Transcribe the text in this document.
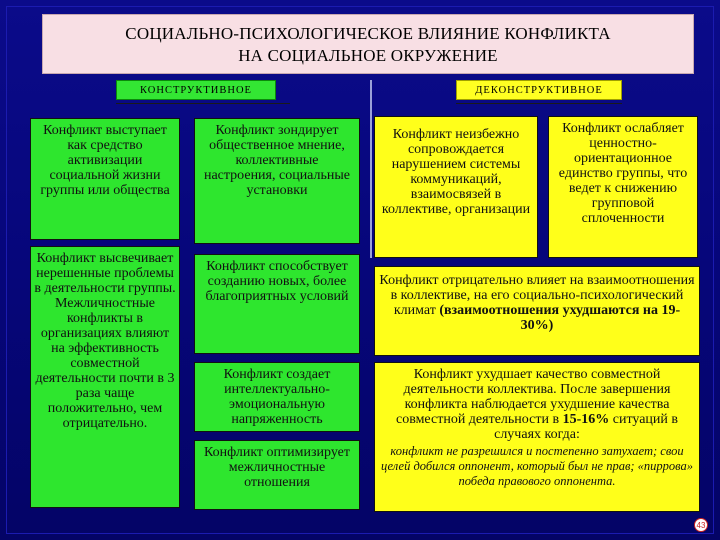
СОЦИАЛЬНО-ПСИХОЛОГИЧЕСКОЕ ВЛИЯНИЕ КОНФЛИКТА
НА СОЦИАЛЬНОЕ ОКРУЖЕНИЕ
КОНСТРУКТИВНОЕ	ДЕКОНСТРУКТИВНОЕ
Конфликт выступает как средство активизации социальной жизни группы или общества
Конфликт высвечивает нерешенные проблемы в деятельности группы. Межличностные конфликты в организациях влияют на эффективность совместной деятельности почти в 3 раза чаще положительно, чем отрицательно.
Конфликт зондирует общественное мнение, коллективные настроения, социальные установки
Конфликт способствует созданию новых, более благоприятных условий
Конфликт создает интеллектуально-эмоциональную напряженность
Конфликт оптимизирует межличностные отношения
Конфликт неизбежно сопровождается нарушением системы коммуникаций, взаимосвязей в коллективе, организации
Конфликт ослабляет ценностно-ориентационное единство группы, что ведет к снижению групповой сплоченности
Конфликт отрицательно влияет на взаимоотношения в коллективе, на его социально-психологический климат (взаимоотношения ухудшаются на 19-30%)
Конфликт ухудшает качество совместной деятельности коллектива. После завершения конфликта наблюдается ухудшение качества совместной деятельности в 15-16% ситуаций в случаях когда:
конфликт не разрешился и постепенно затухает; свои целей добился оппонент, который был не прав; «пиррова» победа правового оппонента.
43
